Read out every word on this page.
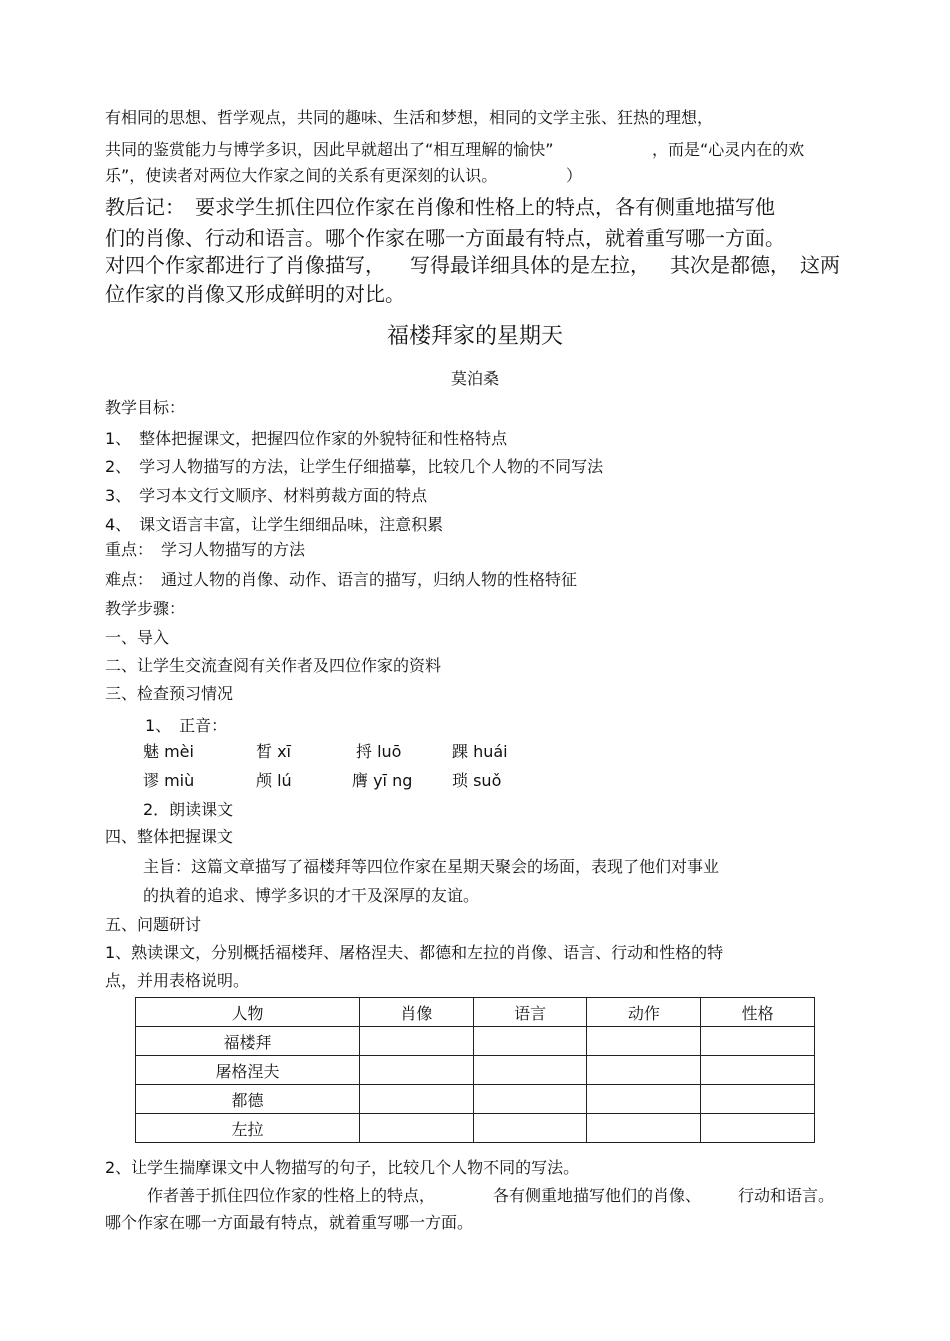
有相同的思想、哲学观点，共同的趣味、生活和梦想，相同的文学主张、狂热的理想，
共同的鉴赏能力与博学多识，因此早就超出了“相互理解的愉快”	，而是“心灵内在的欢
乐”，使读者对两位大作家之间的关系有更深刻的认识。	）
教后记：　要求学生抓住四位作家在肖像和性格上的特点，各有侧重地描写他
们的肖像、行动和语言。哪个作家在哪一方面最有特点，就着重写哪一方面。
对四个作家都进行了肖像描写， 写得最详细具体的是左拉， 其次是都德， 这两
位作家的肖像又形成鲜明的对比。
福楼拜家的星期天
莫泊桑
教学目标：
1、　整体把握课文，把握四位作家的外貌特征和性格特点
2、　学习人物描写的方法，让学生仔细描摹，比较几个人物的不同写法
3、　学习本文行文顺序、材料剪裁方面的特点
4、　课文语言丰富，让学生细细品味，注意积累
重点：　学习人物描写的方法
难点：　通过人物的肖像、动作、语言的描写，归纳人物的性格特征
教学步骤：
一、导入
二、让学生交流查阅有关作者及四位作家的资料
三、检查预习情况
1、　正音：
魅 mèi	晳 xī	捋 luō	踝 huái
谬 miù	颅 lú	膺 yī ng 琐 suǒ
2．朗读课文
四、整体把握课文
主旨：这篇文章描写了福楼拜等四位作家在星期天聚会的场面，表现了他们对事业
的执着的追求、博学多识的才干及深厚的友谊。
五、问题研讨
1、熟读课文，分别概括福楼拜、屠格涅夫、都德和左拉的肖像、语言、行动和性格的特
点，并用表格说明。
人物	肖像	语言	动作	性格
福楼拜				
屠格涅夫				
都德				
左拉				
2、让学生揣摩课文中人物描写的句子，比较几个人物不同的写法。
作者善于抓住四位作家的性格上的特点，	各有侧重地描写他们的肖像、 行动和语言。
哪个作家在哪一方面最有特点，就着重写哪一方面。
